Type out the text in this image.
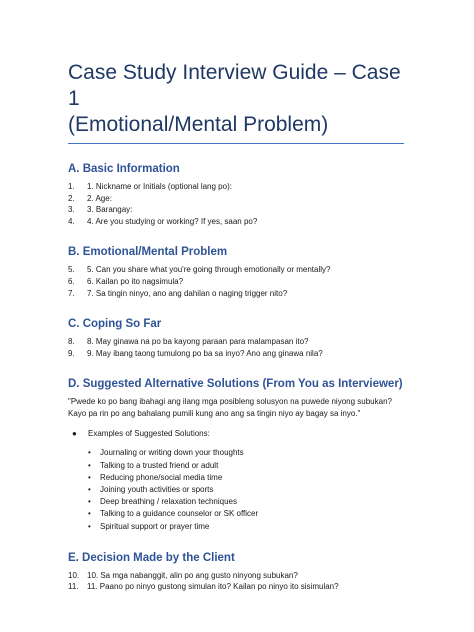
Case Study Interview Guide – Case 1
(Emotional/Mental Problem)
A. Basic Information
1.	1. Nickname or Initials (optional lang po):
2.	2. Age:
3.	3. Barangay:
4.	4. Are you studying or working? If yes, saan po?
B. Emotional/Mental Problem
5.	5. Can you share what you're going through emotionally or mentally?
6.	6. Kailan po ito nagsimula?
7.	7. Sa tingin ninyo, ano ang dahilan o naging trigger nito?
C. Coping So Far
8.	8. May ginawa na po ba kayong paraan para malampasan ito?
9.	9. May ibang taong tumulong po ba sa inyo? Ano ang ginawa nila?
D. Suggested Alternative Solutions (From You as Interviewer)

"Pwede ko po bang ibahagi ang ilang mga posibleng solusyon na puwede niyong subukan? Kayo pa rin po ang bahalang pumili kung ano ang sa tingin niyo ay bagay sa inyo."

●	Examples of Suggested Solutions:
•	Journaling or writing down your thoughts
•	Talking to a trusted friend or adult
•	Reducing phone/social media time
•	Joining youth activities or sports
•	Deep breathing / relaxation techniques
•	Talking to a guidance counselor or SK officer
•	Spiritual support or prayer time
E. Decision Made by the Client
10. 10. Sa mga nabanggit, alin po ang gusto ninyong subukan?
11.	11. Paano po ninyo gustong simulan ito? Kailan po ninyo ito sisimulan?
